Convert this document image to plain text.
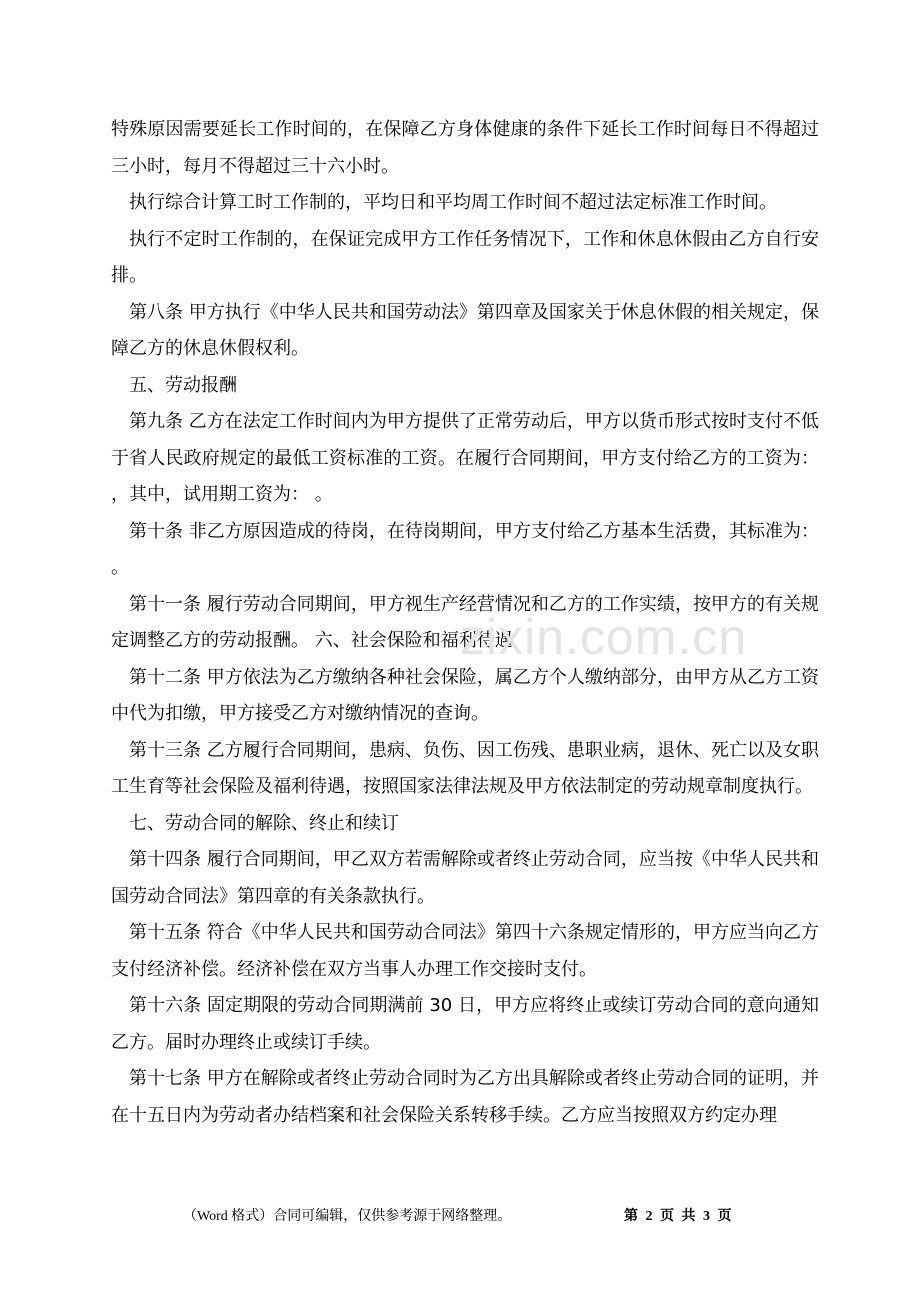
特殊原因需要延长工作时间的，在保障乙方身体健康的条件下延长工作时间每日不得超过三小时，每月不得超过三十六小时。

执行综合计算工时工作制的，平均日和平均周工作时间不超过法定标准工作时间。

执行不定时工作制的，在保证完成甲方工作任务情况下，工作和休息休假由乙方自行安排。

第八条 甲方执行《中华人民共和国劳动法》第四章及国家关于休息休假的相关规定，保障乙方的休息休假权利。

五、劳动报酬

第九条 乙方在法定工作时间内为甲方提供了正常劳动后，甲方以货币形式按时支付不低于省人民政府规定的最低工资标准的工资。在履行合同期间，甲方支付给乙方的工资为： ，其中，试用期工资为： 。

第十条 非乙方原因造成的待岗，在待岗期间，甲方支付给乙方基本生活费，其标准为： 。

第十一条 履行劳动合同期间，甲方视生产经营情况和乙方的工作实绩，按甲方的有关规定调整乙方的劳动报酬。 六、社会保险和福利待遇

第十二条 甲方依法为乙方缴纳各种社会保险，属乙方个人缴纳部分，由甲方从乙方工资中代为扣缴，甲方接受乙方对缴纳情况的查询。

第十三条 乙方履行合同期间，患病、负伤、因工伤残、患职业病，退休、死亡以及女职工生育等社会保险及福利待遇，按照国家法律法规及甲方依法制定的劳动规章制度执行。

七、劳动合同的解除、终止和续订

第十四条 履行合同期间，甲乙双方若需解除或者终止劳动合同，应当按《中华人民共和国劳动合同法》第四章的有关条款执行。

第十五条 符合《中华人民共和国劳动合同法》第四十六条规定情形的，甲方应当向乙方支付经济补偿。经济补偿在双方当事人办理工作交接时支付。

第十六条 固定期限的劳动合同期满前 30 日，甲方应将终止或续订劳动合同的意向通知乙方。届时办理终止或续订手续。

第十七条 甲方在解除或者终止劳动合同时为乙方出具解除或者终止劳动合同的证明，并在十五日内为劳动者办结档案和社会保险关系转移手续。乙方应当按照双方约定办理

zixin.com.cn
（Word 格式）合同可编辑，仅供参考源于网络整理。	第 2 页 共 3 页
